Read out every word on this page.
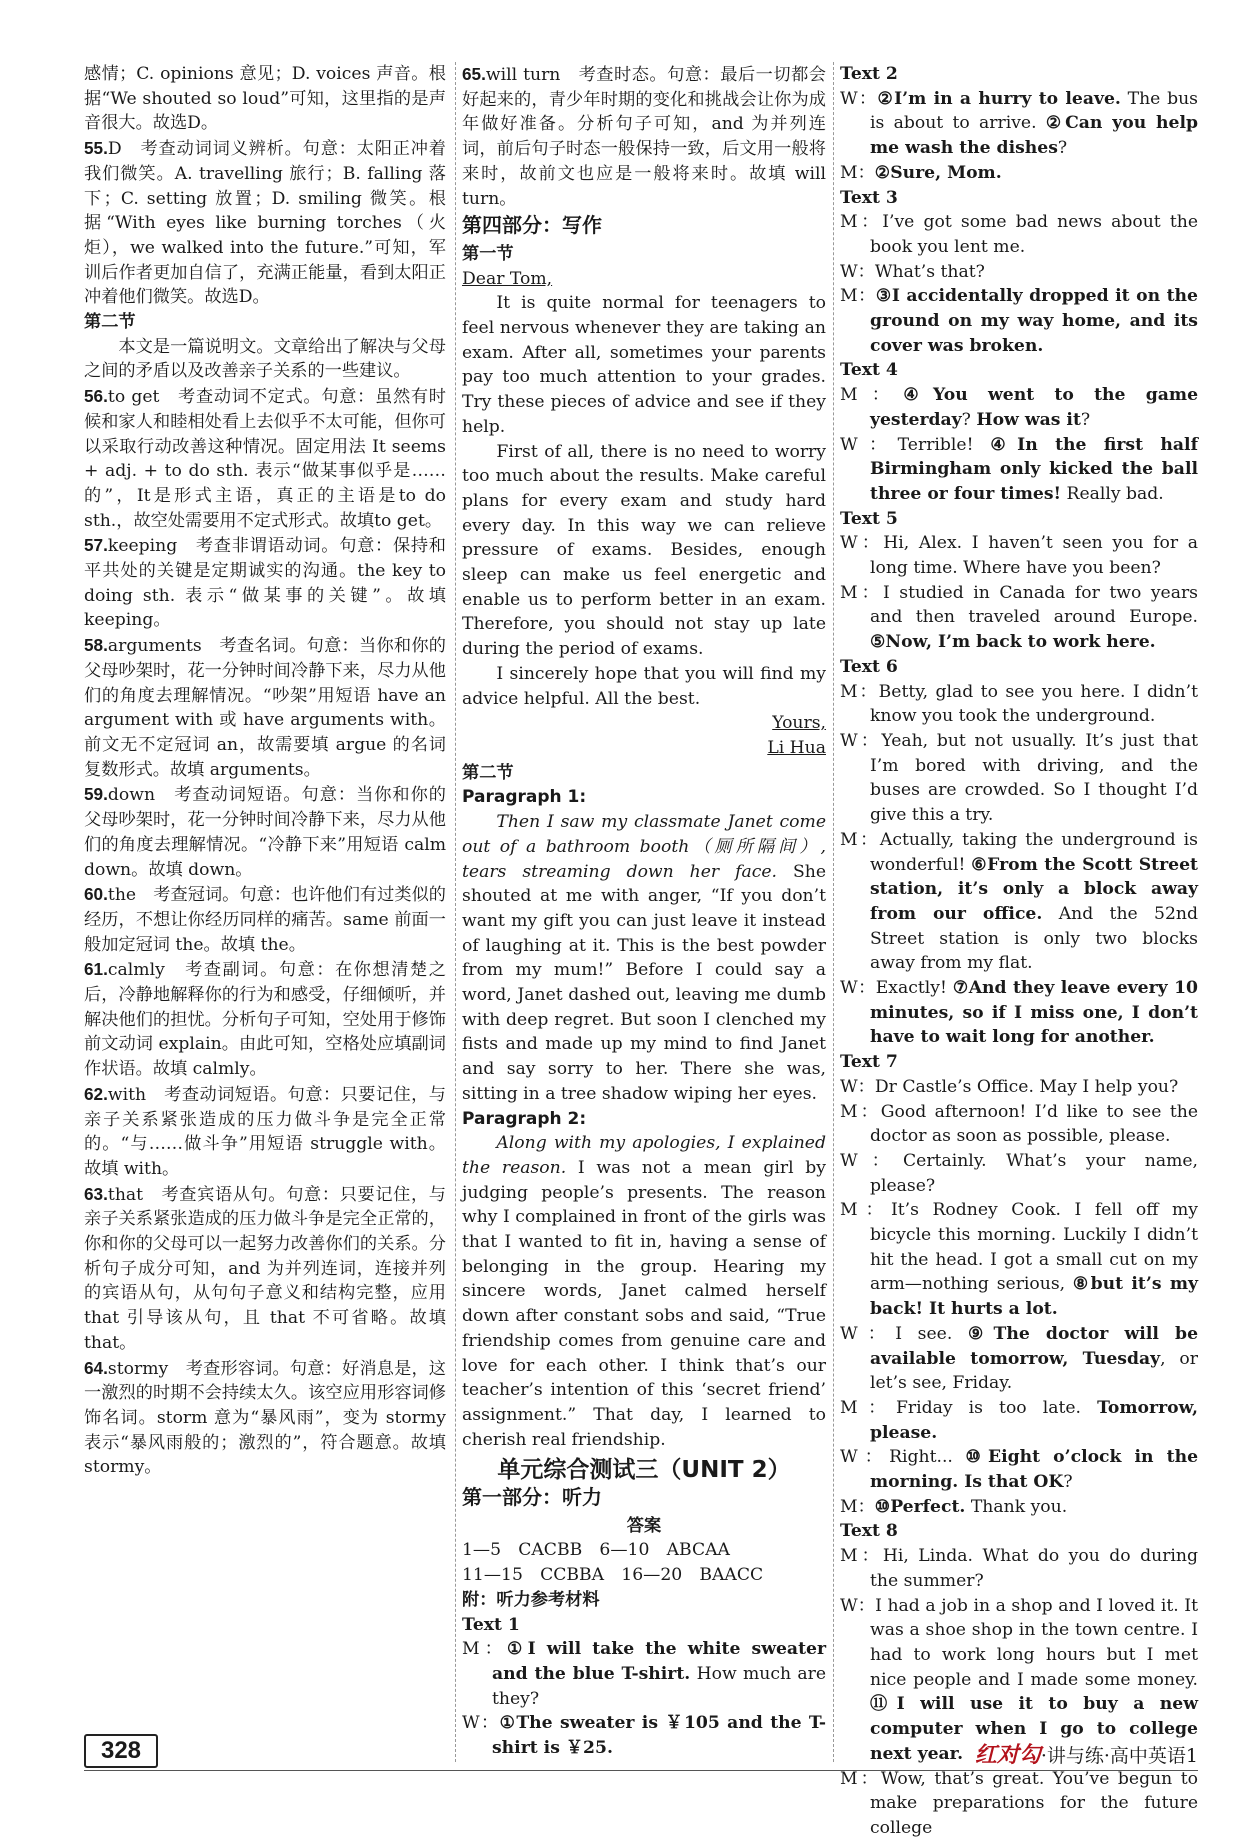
感情；C. opinions 意见；D. voices 声音。根据“We shouted so loud”可知，这里指的是声音很大。故选D。

55.D　考查动词词义辨析。句意：太阳正冲着我们微笑。A. travelling 旅行；B. falling 落下；C. setting 放置；D. smiling 微笑。根据“With eyes like burning torches（火炬），we walked into the future.”可知，军训后作者更加自信了，充满正能量，看到太阳正冲着他们微笑。故选D。

第二节

本文是一篇说明文。文章给出了解决与父母之间的矛盾以及改善亲子关系的一些建议。

56.to get　考查动词不定式。句意：虽然有时候和家人和睦相处看上去似乎不太可能，但你可以采取行动改善这种情况。固定用法 It seems + adj. + to do sth. 表示“做某事似乎是……的”，It是形式主语，真正的主语是to do sth.，故空处需要用不定式形式。故填to get。

57.keeping　考查非谓语动词。句意：保持和平共处的关键是定期诚实的沟通。the key to doing sth. 表示“做某事的关键”。故填 keeping。

58.arguments　考查名词。句意：当你和你的父母吵架时，花一分钟时间冷静下来，尽力从他们的角度去理解情况。“吵架”用短语 have an argument with 或 have arguments with。前文无不定冠词 an，故需要填 argue 的名词复数形式。故填 arguments。

59.down　考查动词短语。句意：当你和你的父母吵架时，花一分钟时间冷静下来，尽力从他们的角度去理解情况。“冷静下来”用短语 calm down。故填 down。

60.the　考查冠词。句意：也许他们有过类似的经历，不想让你经历同样的痛苦。same 前面一般加定冠词 the。故填 the。

61.calmly　考查副词。句意：在你想清楚之后，冷静地解释你的行为和感受，仔细倾听，并解决他们的担忧。分析句子可知，空处用于修饰前文动词 explain。由此可知，空格处应填副词作状语。故填 calmly。

62.with　考查动词短语。句意：只要记住，与亲子关系紧张造成的压力做斗争是完全正常的。“与……做斗争”用短语 struggle with。故填 with。

63.that　考查宾语从句。句意：只要记住，与亲子关系紧张造成的压力做斗争是完全正常的，你和你的父母可以一起努力改善你们的关系。分析句子成分可知，and 为并列连词，连接并列的宾语从句，从句句子意义和结构完整，应用 that 引导该从句，且 that 不可省略。故填 that。

64.stormy　考查形容词。句意：好消息是，这一激烈的时期不会持续太久。该空应用形容词修饰名词。storm 意为“暴风雨”，变为 stormy 表示“暴风雨般的；激烈的”，符合题意。故填 stormy。

65.will turn　考查时态。句意：最后一切都会好起来的，青少年时期的变化和挑战会让你为成年做好准备。分析句子可知，and 为并列连词，前后句子时态一般保持一致，后文用一般将来时，故前文也应是一般将来时。故填 will turn。

第四部分：写作

第一节

Dear Tom,

It is quite normal for teenagers to feel nervous whenever they are taking an exam. After all, sometimes your parents pay too much attention to your grades. Try these pieces of advice and see if they help.

First of all, there is no need to worry too much about the results. Make careful plans for every exam and study hard every day. In this way we can relieve pressure of exams. Besides, enough sleep can make us feel energetic and enable us to perform better in an exam. Therefore, you should not stay up late during the period of exams.

I sincerely hope that you will find my advice helpful. All the best.

Yours,

Li Hua

第二节

Paragraph 1:

Then I saw my classmate Janet come out of a bathroom booth（厕所隔间）, tears streaming down her face. She shouted at me with anger, “If you don’t want my gift you can just leave it instead of laughing at it. This is the best powder from my mum!” Before I could say a word, Janet dashed out, leaving me dumb with deep regret. But soon I clenched my fists and made up my mind to find Janet and say sorry to her. There she was, sitting in a tree shadow wiping her eyes.

Paragraph 2:

Along with my apologies, I explained the reason. I was not a mean girl by judging people’s presents. The reason why I complained in front of the girls was that I wanted to fit in, having a sense of belonging in the group. Hearing my sincere words, Janet calmed herself down after constant sobs and said, “True friendship comes from genuine care and love for each other. I think that’s our teacher’s intention of this ‘secret friend’ assignment.” That day, I learned to cherish real friendship.

单元综合测试三（UNIT 2）

第一部分：听力

答案

1—5　CACBB　6—10　ABCAA

11—15　CCBBA　16—20　BAACC

附：听力参考材料

Text 1

M：①I will take the white sweater and the blue T-shirt. How much are they?

W：①The sweater is ￥105 and the T-shirt is ￥25.

Text 2

W：②I’m in a hurry to leave. The bus is about to arrive. ②Can you help me wash the dishes?

M：②Sure, Mom.

Text 3

M：I’ve got some bad news about the book you lent me.

W：What’s that?

M：③I accidentally dropped it on the ground on my way home, and its cover was broken.

Text 4

M：④You went to the game yesterday? How was it?

W：Terrible! ④In the first half Birmingham only kicked the ball three or four times! Really bad.

Text 5

W：Hi, Alex. I haven’t seen you for a long time. Where have you been?

M：I studied in Canada for two years and then traveled around Europe. ⑤Now, I’m back to work here.

Text 6

M：Betty, glad to see you here. I didn’t know you took the underground.

W：Yeah, but not usually. It’s just that I’m bored with driving, and the buses are crowded. So I thought I’d give this a try.

M：Actually, taking the underground is wonderful! ⑥From the Scott Street station, it’s only a block away from our office. And the 52nd Street station is only two blocks away from my flat.

W：Exactly! ⑦And they leave every 10 minutes, so if I miss one, I don’t have to wait long for another.

Text 7

W：Dr Castle’s Office. May I help you?

M：Good afternoon! I’d like to see the doctor as soon as possible, please.

W：Certainly. What’s your name, please?

M：It’s Rodney Cook. I fell off my bicycle this morning. Luckily I didn’t hit the head. I got a small cut on my arm—nothing serious, ⑧but it’s my back! It hurts a lot.

W：I see. ⑨The doctor will be available tomorrow, Tuesday, or let’s see, Friday.

M：Friday is too late. Tomorrow, please.

W：Right... ⑩Eight o’clock in the morning. Is that OK?

M：⑩Perfect. Thank you.

Text 8

M：Hi, Linda. What do you do during the summer?

W：I had a job in a shop and I loved it. It was a shoe shop in the town centre. I had to work long hours but I met nice people and I made some money. ⑪I will use it to buy a new computer when I go to college next year.

M：Wow, that’s great. You’ve begun to make preparations for the future college

328	红对勾·讲与练·高中英语1
